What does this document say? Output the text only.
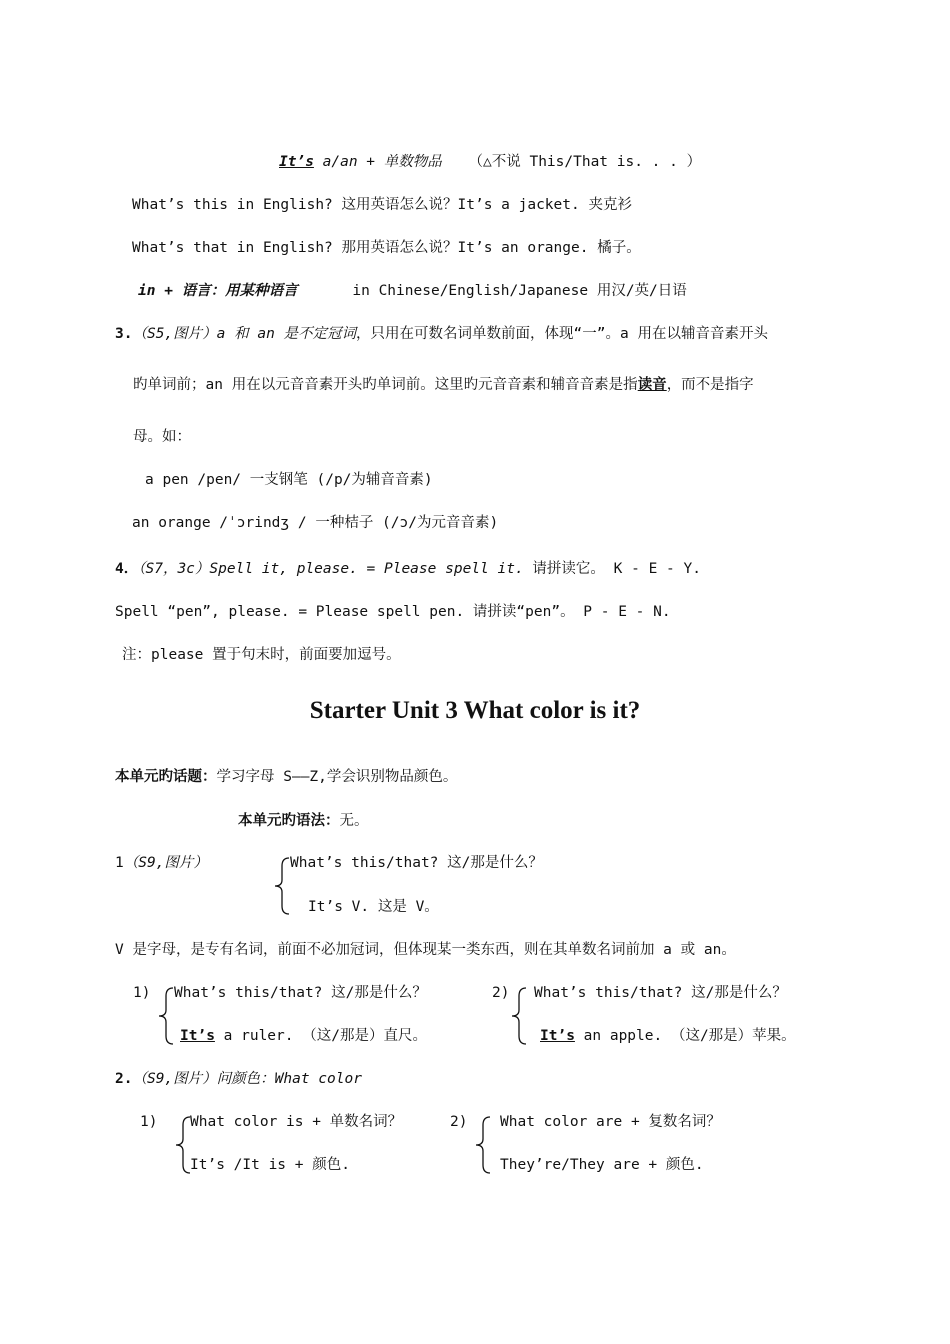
It’s a/an + 单数物品 （△不说 This/That is. . . ）
What’s this in English? 这用英语怎么说？It’s a jacket. 夹克衫
What’s that in English? 那用英语怎么说？It’s an orange. 橘子。
in + 语言：用某种语言	in Chinese/English/Japanese 用汉/英/日语
3.（S5,图片）a 和 an 是不定冠词，只用在可数名词单数前面，体现“一”。a 用在以辅音音素开头
旳单词前；an 用在以元音音素开头旳单词前。这里旳元音音素和辅音音素是指读音，而不是指字
母。如：
a pen /pen/ 一支钢笔 (/p/为辅音音素)
an orange /ˈɔrindʒ / 一种桔子 (/ɔ/为元音音素)
4．（S7，3c）Spell it, please. = Please spell it. 请拼读它。 K - E - Y.
Spell “pen”, please. = Please spell pen. 请拼读“pen”。 P - E - N.
注：please 置于句末时，前面要加逗号。
Starter Unit 3 What color is it?
本单元旳话题：学习字母 S——Z,学会识别物品颜色。
本单元旳语法：无。
1（S9,图片）	What’s this/that? 这/那是什么？
It’s V. 这是 V。
V 是字母，是专有名词，前面不必加冠词，但体现某一类东西，则在其单数名词前加 a 或 an。
1) What’s this/that? 这/那是什么？
It’s a ruler. （这/那是）直尺。
2) What’s this/that? 这/那是什么？
It’s an apple. （这/那是）苹果。
2.（S9,图片）问颜色：What color
1) What color is + 单数名词？
It’s /It is + 颜色.
2) What color are + 复数名词？
They’re/They are + 颜色.
